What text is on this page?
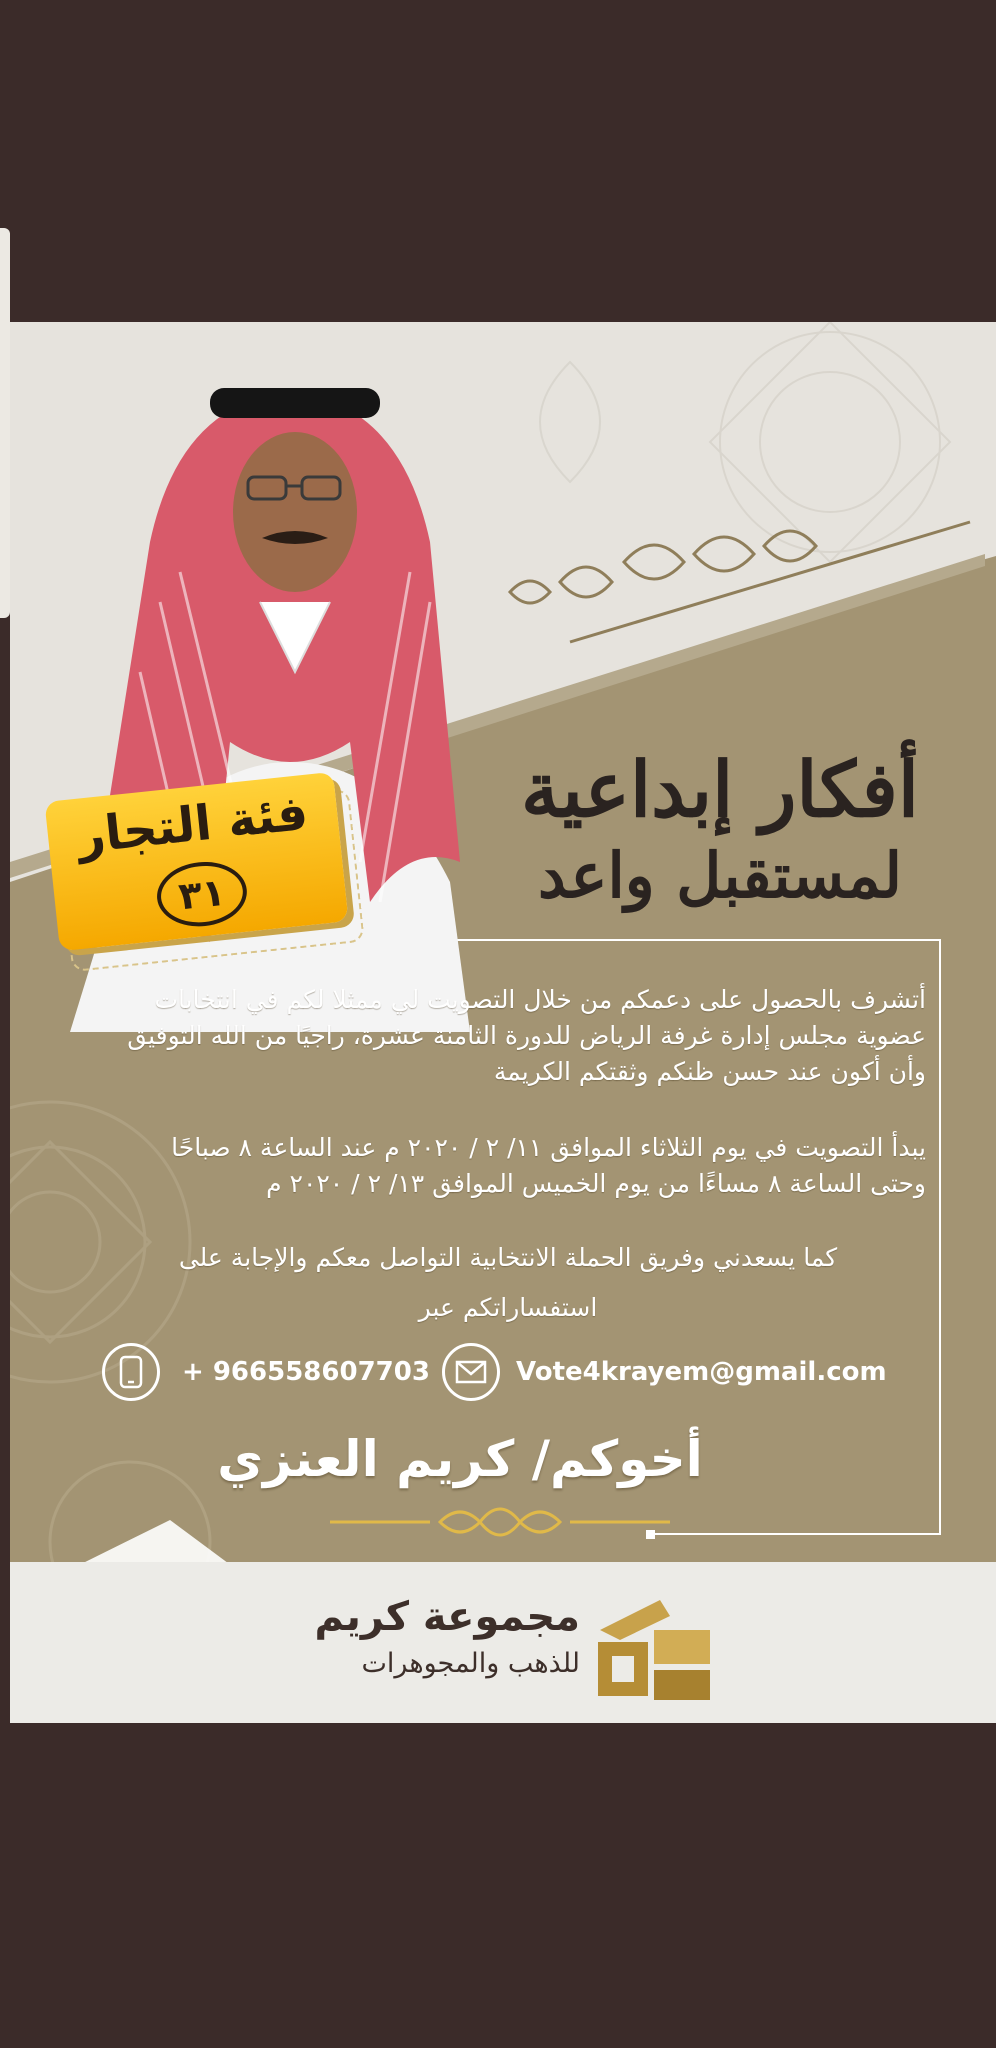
أفكار إبداعية
لمستقبل واعد
فئة التجار
٣١
أتشرف بالحصول على دعمكم من خلال التصويت لي ممثلا لكم في انتخابات عضوية مجلس إدارة غرفة الرياض للدورة الثامنة عشرة، راجيًا من الله التوفيق وأن أكون عند حسن ظنكم وثقتكم الكريمة
يبدأ التصويت في يوم الثلاثاء الموافق ١١/ ٢ / ٢٠٢٠ م عند الساعة ٨ صباحًا
وحتى الساعة ٨ مساءًا من يوم الخميس الموافق ١٣/ ٢ / ٢٠٢٠ م
كما يسعدني وفريق الحملة الانتخابية التواصل معكم والإجابة على
استفساراتكم عبر
+ 966558607703	Vote4krayem@gmail.com
أخوكم/ كريم العنزي
مجموعة كريم
للذهب والمجوهرات
